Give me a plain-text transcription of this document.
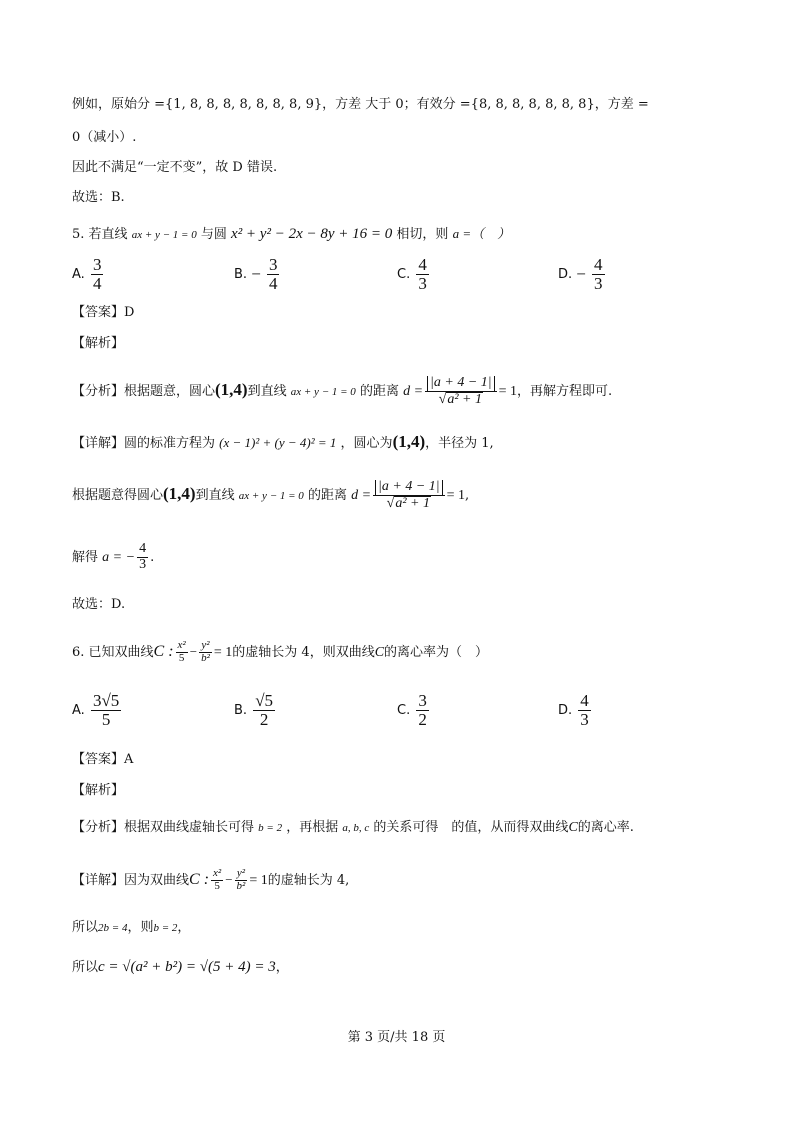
例如，原始分 ={1, 8, 8, 8, 8, 8, 8, 8, 9}，方差 大于 0；有效分 ={8, 8, 8, 8, 8, 8, 8}，方差 =
0（减小）.
因此不满足“一定不变”，故 D 错误.
故选：B.
5. 若直线 ax + y − 1 = 0 与圆 x² + y² − 2x − 8y + 16 = 0 相切，则 a =（　）
A. $\frac{3}{4}$	B. − $\frac{3}{4}$	C. $\frac{4}{3}$	D. − $\frac{4}{3}$
【答案】D
【解析】
【分析】根据题意，圆心(1,4)到直线 ax + y − 1 = 0 的距离 $d = \frac{|a + 4 - 1|}{\text{√a² + 1}} = 1$，再解方程即可.
【详解】圆的标准方程为 (x − 1)² + (y − 4)² = 1 ，圆心为(1,4)，半径为 1,
根据题意得圆心(1,4)到直线 ax + y − 1 = 0 的距离 $d = \frac{|a + 4 - 1|}{\text{√a² + 1}} = 1$,
解得 a = − $\frac{4}{3}$ .
故选：D.
6. 已知双曲线C : $\frac{\text{x²}}{5} - \frac{\text{y²}}{\text{b²}} = 1$的虚轴长为 4，则双曲线C的离心率为（　）
A. $\frac{3√5}{5}$	B. $\frac{√5}{2}$	C. $\frac{3}{2}$	D. $\frac{4}{3}$
【答案】A
【解析】
【分析】根据双曲线虚轴长可得 b = 2 ，再根据 a, b, c 的关系可得　的值，从而得双曲线C的离心率.
【详解】因为双曲线C : $\frac{\text{x²}}{5} - \frac{\text{y²}}{\text{b²}} = 1$的虚轴长为 4,
所以2b = 4，则b = 2，
所以c = √(a² + b²) = √(5 + 4) = 3，
第 3 页/共 18 页
